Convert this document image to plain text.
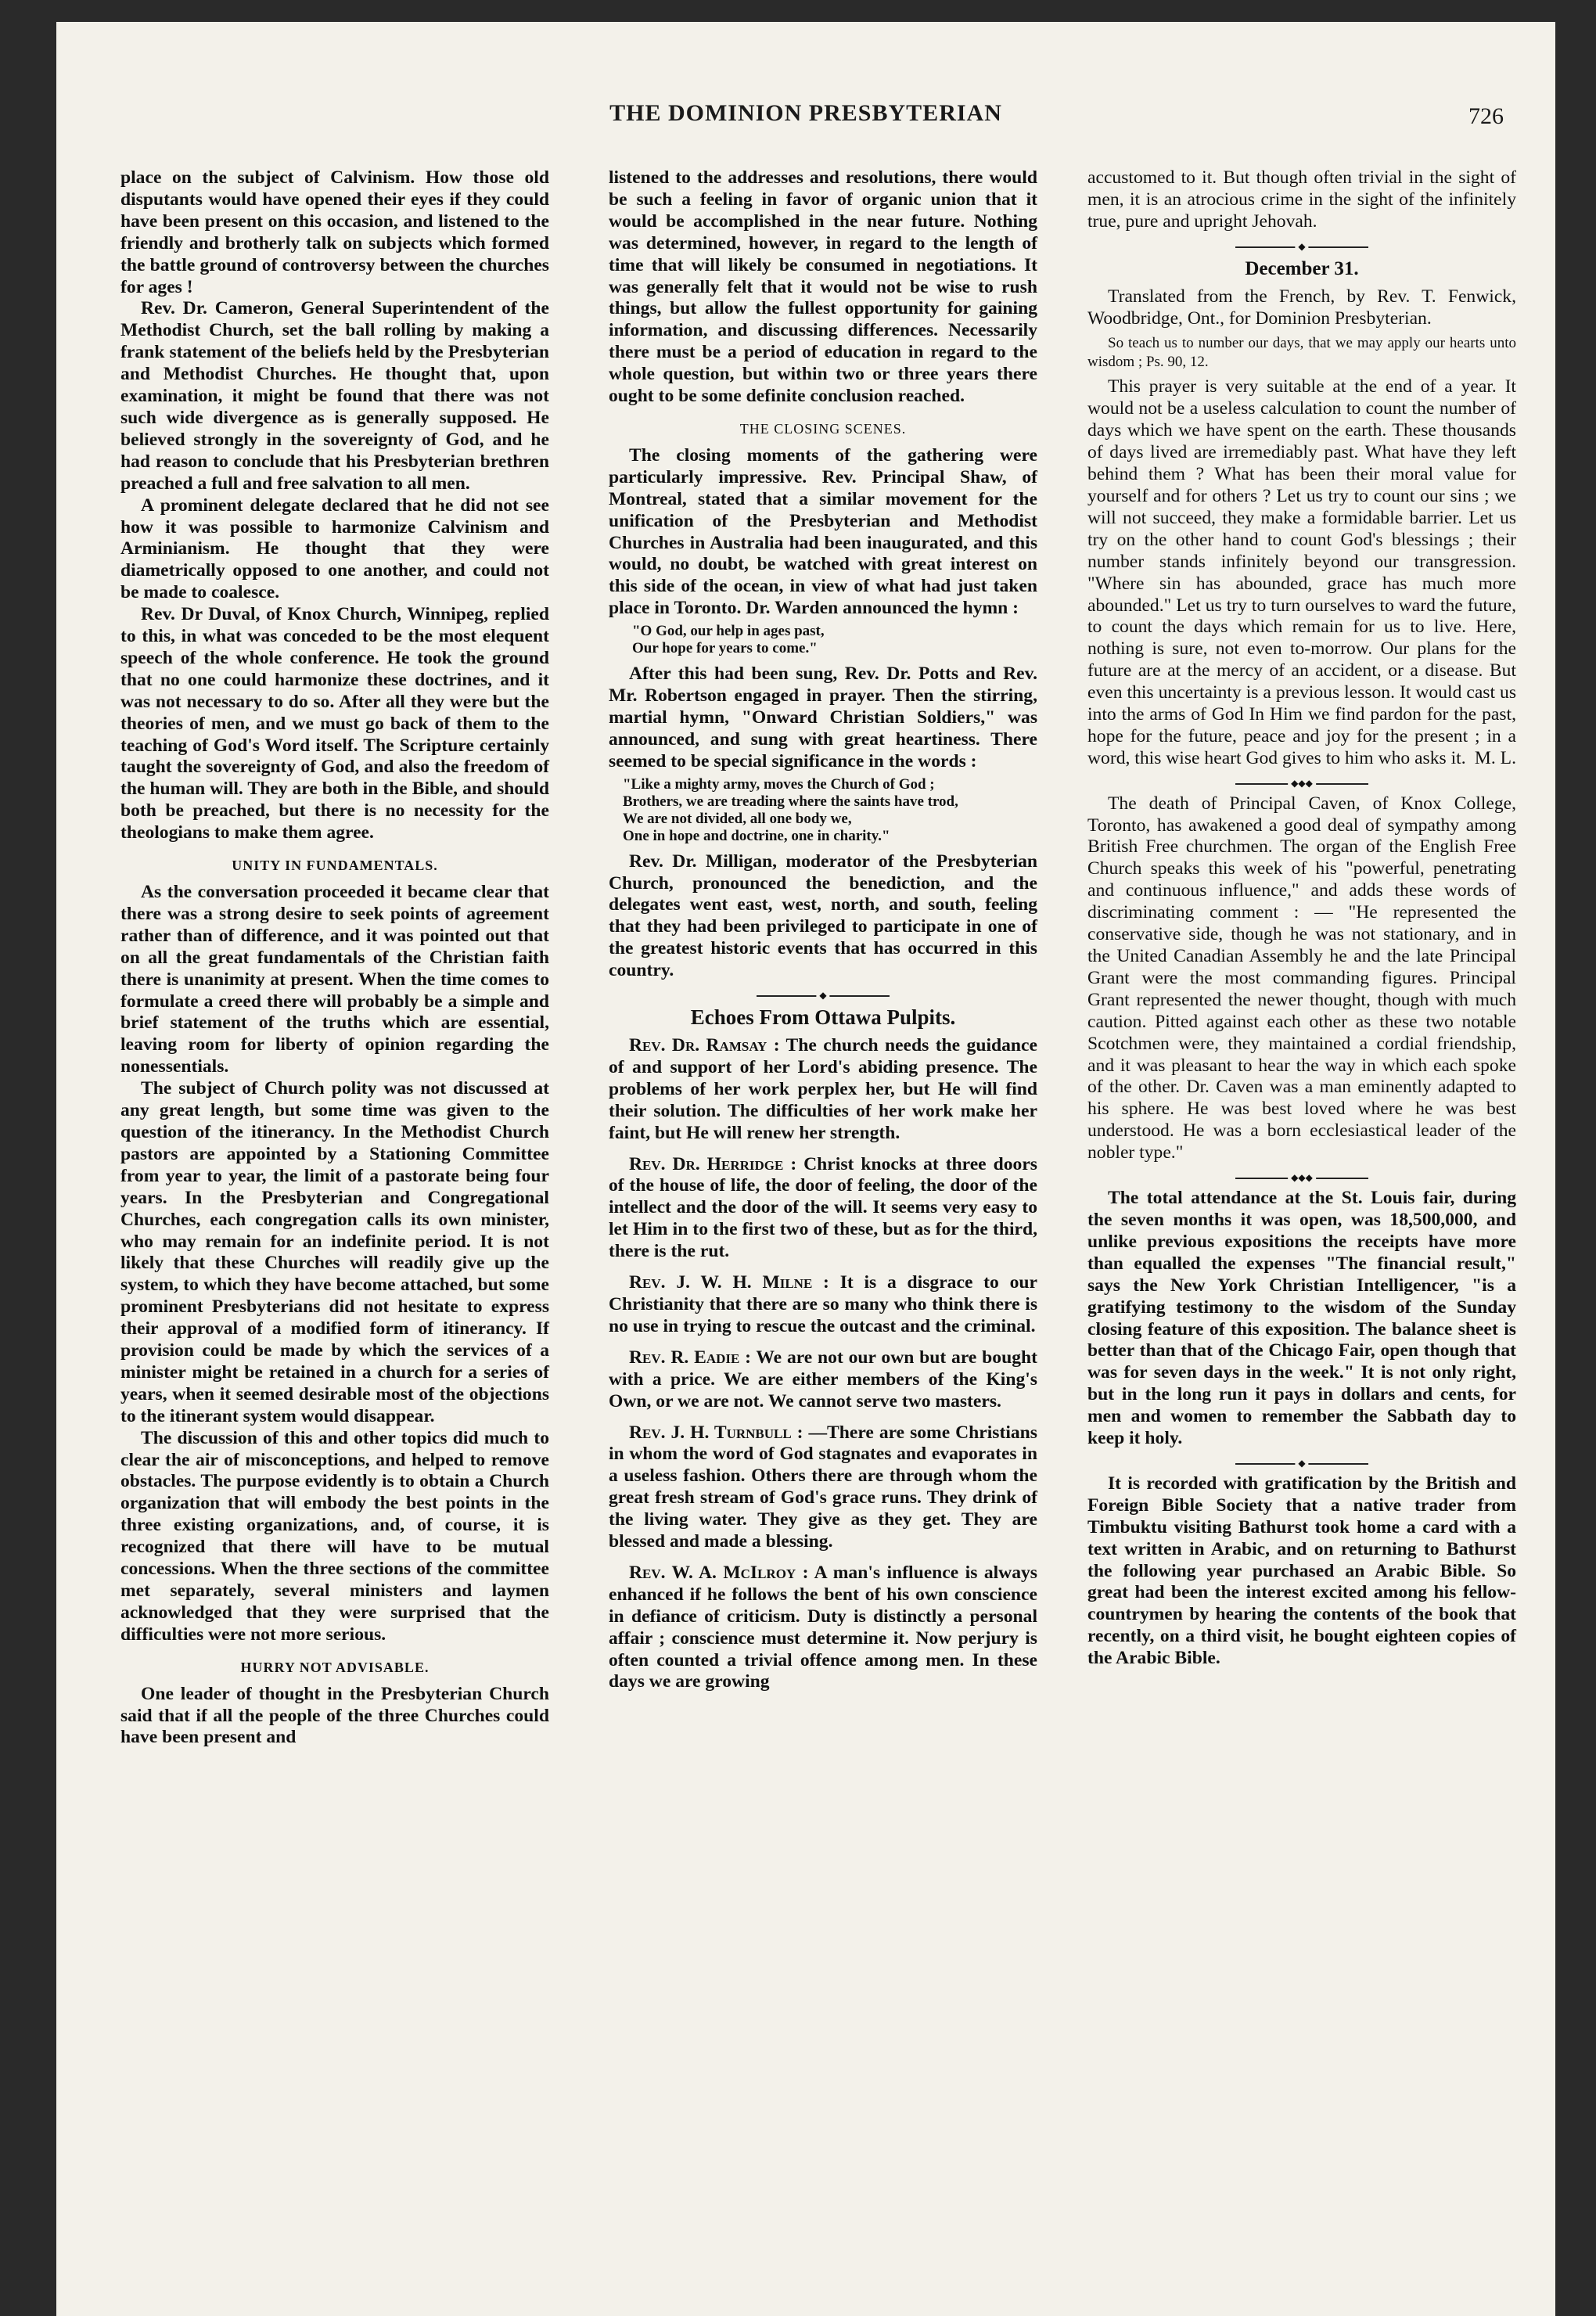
THE DOMINION PRESBYTERIAN	726

place on the subject of Calvinism. How those old disputants would have opened their eyes if they could have been present on this occasion, and listened to the friendly and brotherly talk on subjects which formed the battle ground of controversy between the churches for ages !

Rev. Dr. Cameron, General Superintendent of the Methodist Church, set the ball rolling by making a frank statement of the beliefs held by the Presbyterian and Methodist Churches. He thought that, upon examination, it might be found that there was not such wide divergence as is generally supposed. He believed strongly in the sovereignty of God, and he had reason to conclude that his Presbyterian brethren preached a full and free salvation to all men.

A prominent delegate declared that he did not see how it was possible to harmonize Calvinism and Arminianism. He thought that they were diametrically opposed to one another, and could not be made to coalesce.

Rev. Dr Duval, of Knox Church, Winnipeg, replied to this, in what was conceded to be the most elequent speech of the whole conference. He took the ground that no one could harmonize these doctrines, and it was not necessary to do so. After all they were but the theories of men, and we must go back of them to the teaching of God's Word itself. The Scripture certainly taught the sovereignty of God, and also the freedom of the human will. They are both in the Bible, and should both be preached, but there is no necessity for the theologians to make them agree.

UNITY IN FUNDAMENTALS.

As the conversation proceeded it became clear that there was a strong desire to seek points of agreement rather than of difference, and it was pointed out that on all the great fundamentals of the Christian faith there is unanimity at present. When the time comes to formulate a creed there will probably be a simple and brief statement of the truths which are essential, leaving room for liberty of opinion regarding the nonessentials.

The subject of Church polity was not discussed at any great length, but some time was given to the question of the itinerancy. In the Methodist Church pastors are appointed by a Stationing Committee from year to year, the limit of a pastorate being four years. In the Presbyterian and Congregational Churches, each congregation calls its own minister, who may remain for an indefinite period. It is not likely that these Churches will readily give up the system, to which they have become attached, but some prominent Presbyterians did not hesitate to express their approval of a modified form of itinerancy. If provision could be made by which the services of a minister might be retained in a church for a series of years, when it seemed desirable most of the objections to the itinerant system would disappear.

The discussion of this and other topics did much to clear the air of misconceptions, and helped to remove obstacles. The purpose evidently is to obtain a Church organization that will embody the best points in the three existing organizations, and, of course, it is recognized that there will have to be mutual concessions. When the three sections of the committee met separately, several ministers and laymen acknowledged that they were surprised that the difficulties were not more serious.

HURRY NOT ADVISABLE.

One leader of thought in the Presbyterian Church said that if all the people of the three Churches could have been present and

listened to the addresses and resolutions, there would be such a feeling in favor of organic union that it would be accomplished in the near future. Nothing was determined, however, in regard to the length of time that will likely be consumed in negotiations. It was generally felt that it would not be wise to rush things, but allow the fullest opportunity for gaining information, and discussing differences. Necessarily there must be a period of education in regard to the whole question, but within two or three years there ought to be some definite conclusion reached.

THE CLOSING SCENES.

The closing moments of the gathering were particularly impressive. Rev. Principal Shaw, of Montreal, stated that a similar movement for the unification of the Presbyterian and Methodist Churches in Australia had been inaugurated, and this would, no doubt, be watched with great interest on this side of the ocean, in view of what had just taken place in Toronto. Dr. Warden announced the hymn :

"O God, our help in ages past,
Our hope for years to come."

After this had been sung, Rev. Dr. Potts and Rev. Mr. Robertson engaged in prayer. Then the stirring, martial hymn, "Onward Christian Soldiers," was announced, and sung with great heartiness. There seemed to be special significance in the words :

"Like a mighty army, moves the Church of God ;
Brothers, we are treading where the saints have trod,
We are not divided, all one body we,
One in hope and doctrine, one in charity."

Rev. Dr. Milligan, moderator of the Presbyterian Church, pronounced the benediction, and the delegates went east, west, north, and south, feeling that they had been privileged to participate in one of the greatest historic events that has occurred in this country.

◆
Echoes From Ottawa Pulpits.

Rev. Dr. Ramsay : The church needs the guidance of and support of her Lord's abiding presence. The problems of her work perplex her, but He will find their solution. The difficulties of her work make her faint, but He will renew her strength.

Rev. Dr. Herridge : Christ knocks at three doors of the house of life, the door of feeling, the door of the intellect and the door of the will. It seems very easy to let Him in to the first two of these, but as for the third, there is the rut.

Rev. J. W. H. Milne : It is a disgrace to our Christianity that there are so many who think there is no use in trying to rescue the outcast and the criminal.

Rev. R. Eadie : We are not our own but are bought with a price. We are either members of the King's Own, or we are not. We cannot serve two masters.

Rev. J. H. Turnbull : —There are some Christians in whom the word of God stagnates and evaporates in a useless fashion. Others there are through whom the great fresh stream of God's grace runs. They drink of the living water. They give as they get. They are blessed and made a blessing.

Rev. W. A. McIlroy : A man's influence is always enhanced if he follows the bent of his own conscience in defiance of criticism. Duty is distinctly a personal affair ; conscience must determine it. Now perjury is often counted a trivial offence among men. In these days we are growing

accustomed to it. But though often trivial in the sight of men, it is an atrocious crime in the sight of the infinitely true, pure and upright Jehovah.

◆
December 31.

Translated from the French, by Rev. T. Fenwick, Woodbridge, Ont., for Dominion Presbyterian.

So teach us to number our days, that we may apply our hearts unto wisdom ; Ps. 90, 12.

This prayer is very suitable at the end of a year. It would not be a useless calculation to count the number of days which we have spent on the earth. These thousands of days lived are irremediably past. What have they left behind them ? What has been their moral value for yourself and for others ? Let us try to count our sins ; we will not succeed, they make a formidable barrier. Let us try on the other hand to count God's blessings ; their number stands infinitely beyond our transgression. "Where sin has abounded, grace has much more abounded." Let us try to turn ourselves to ward the future, to count the days which remain for us to live. Here, nothing is sure, not even to-morrow. Our plans for the future are at the mercy of an accident, or a disease. But even this uncertainty is a previous lesson. It would cast us into the arms of God In Him we find pardon for the past, hope for the future, peace and joy for the present ; in a word, this wise heart God gives to him who asks it. M. L.
◆◆◆

The death of Principal Caven, of Knox College, Toronto, has awakened a good deal of sympathy among British Free churchmen. The organ of the English Free Church speaks this week of his "powerful, penetrating and continuous influence," and adds these words of discriminating comment : — "He represented the conservative side, though he was not stationary, and in the United Canadian Assembly he and the late Principal Grant were the most commanding figures. Principal Grant represented the newer thought, though with much caution. Pitted against each other as these two notable Scotchmen were, they maintained a cordial friendship, and it was pleasant to hear the way in which each spoke of the other. Dr. Caven was a man eminently adapted to his sphere. He was best loved where he was best understood. He was a born ecclesiastical leader of the nobler type."

◆◆◆

The total attendance at the St. Louis fair, during the seven months it was open, was 18,500,000, and unlike previous expositions the receipts have more than equalled the expenses "The financial result," says the New York Christian Intelligencer, "is a gratifying testimony to the wisdom of the Sunday closing feature of this exposition. The balance sheet is better than that of the Chicago Fair, open though that was for seven days in the week." It is not only right, but in the long run it pays in dollars and cents, for men and women to remember the Sabbath day to keep it holy.

◆

It is recorded with gratification by the British and Foreign Bible Society that a native trader from Timbuktu visiting Bathurst took home a card with a text written in Arabic, and on returning to Bathurst the following year purchased an Arabic Bible. So great had been the interest excited among his fellow-countrymen by hearing the contents of the book that recently, on a third visit, he bought eighteen copies of the Arabic Bible.
